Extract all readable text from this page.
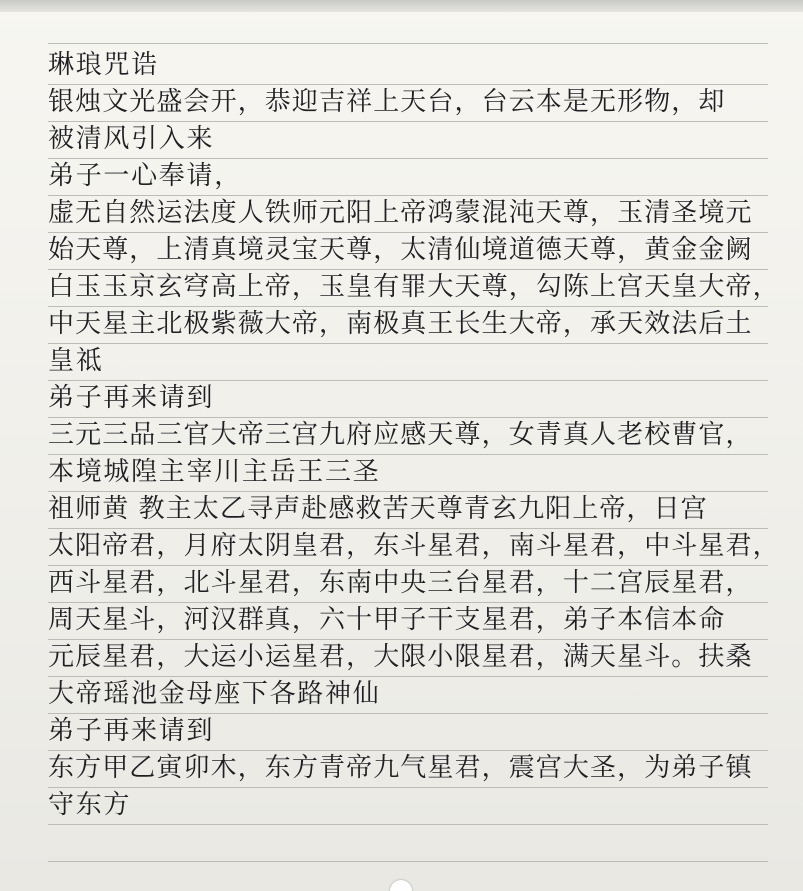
琳琅咒诰
银烛文光盛会开，恭迎吉祥上天台，台云本是无形物，却
被清风引入来
弟子一心奉请，
虚无自然运法度人铁师元阳上帝鸿蒙混沌天尊，玉清圣境元
始天尊，上清真境灵宝天尊，太清仙境道德天尊，黄金金阙
白玉玉京玄穹高上帝，玉皇有罪大天尊，勾陈上宫天皇大帝，
中天星主北极紫薇大帝，南极真王长生大帝，承天效法后土
皇祗
弟子再来请到
三元三品三官大帝三宫九府应感天尊，女青真人老校曹官，
本境城隍主宰川主岳王三圣
祖师黄 教主太乙寻声赴感救苦天尊青玄九阳上帝，日宫
太阳帝君，月府太阴皇君，东斗星君，南斗星君，中斗星君，
西斗星君，北斗星君，东南中央三台星君，十二宫辰星君，
周天星斗，河汉群真，六十甲子干支星君，弟子本信本命
元辰星君，大运小运星君，大限小限星君，满天星斗。扶桑
大帝瑶池金母座下各路神仙
弟子再来请到
东方甲乙寅卯木，东方青帝九气星君，震宫大圣，为弟子镇
守东方
